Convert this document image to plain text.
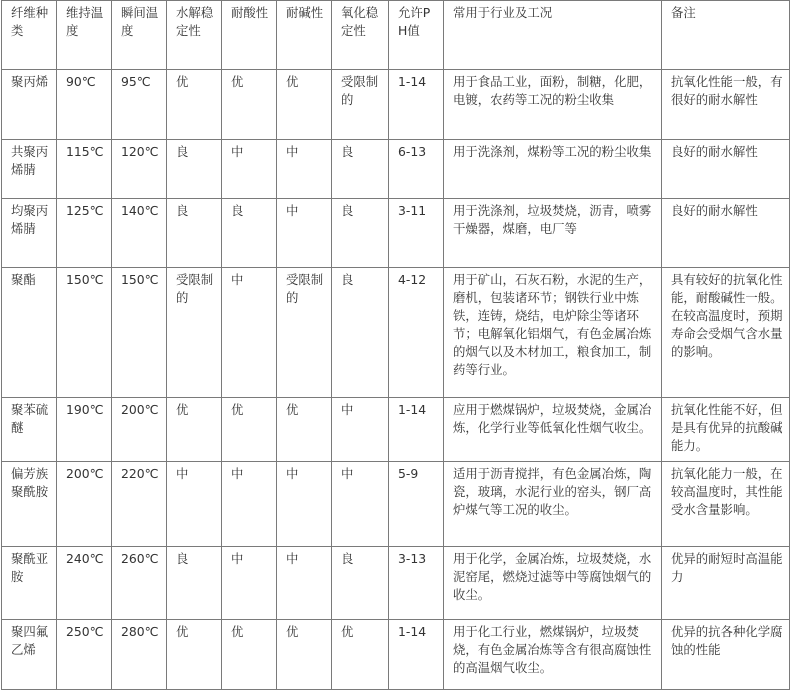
纤维种类	维持温度	瞬间温度	水解稳定性	耐酸性	耐碱性	氧化稳定性	允许PH值	常用于行业及工况	备注
聚丙烯	90℃	95℃	优	优	优	受限制的	1-14	用于食品工业，面粉，制糖，化肥，电镀，农药等工况的粉尘收集	抗氧化性能一般，有很好的耐水解性
共聚丙烯腈	115℃	120℃	良	中	中	良	6-13	用于洗涤剂，煤粉等工况的粉尘收集	良好的耐水解性
均聚丙烯腈	125℃	140℃	良	良	中	良	3-11	用于洗涤剂，垃圾焚烧，沥青，喷雾干燥器，煤磨，电厂等	良好的耐水解性
聚酯	150℃	150℃	受限制的	中	受限制的	良	4-12	用于矿山，石灰石粉，水泥的生产，磨机，包装诸环节；钢铁行业中炼铁，连铸，烧结，电炉除尘等诸环节；电解氧化铝烟气，有色金属冶炼的烟气以及木材加工，粮食加工，制药等行业。	具有较好的抗氧化性能，耐酸碱性一般。在较高温度时，预期寿命会受烟气含水量的影响。
聚苯硫醚	190℃	200℃	优	优	优	中	1-14	应用于燃煤锅炉，垃圾焚烧，金属冶炼，化学行业等低氧化性烟气收尘。	抗氧化性能不好，但是具有优异的抗酸碱能力。
偏芳族聚酰胺	200℃	220℃	中	中	中	中	5-9	适用于沥青搅拌，有色金属冶炼，陶瓷，玻璃，水泥行业的窑头，钢厂高炉煤气等工况的收尘。	抗氧化能力一般，在较高温度时，其性能受水含量影响。
聚酰亚胺	240℃	260℃	良	中	中	良	3-13	用于化学，金属冶炼，垃圾焚烧，水泥窑尾，燃烧过滤等中等腐蚀烟气的收尘。	优异的耐短时高温能力
聚四氟乙烯	250℃	280℃	优	优	优	优	1-14	用于化工行业，燃煤锅炉，垃圾焚烧，有色金属冶炼等含有很高腐蚀性的高温烟气收尘。	优异的抗各种化学腐蚀的性能
